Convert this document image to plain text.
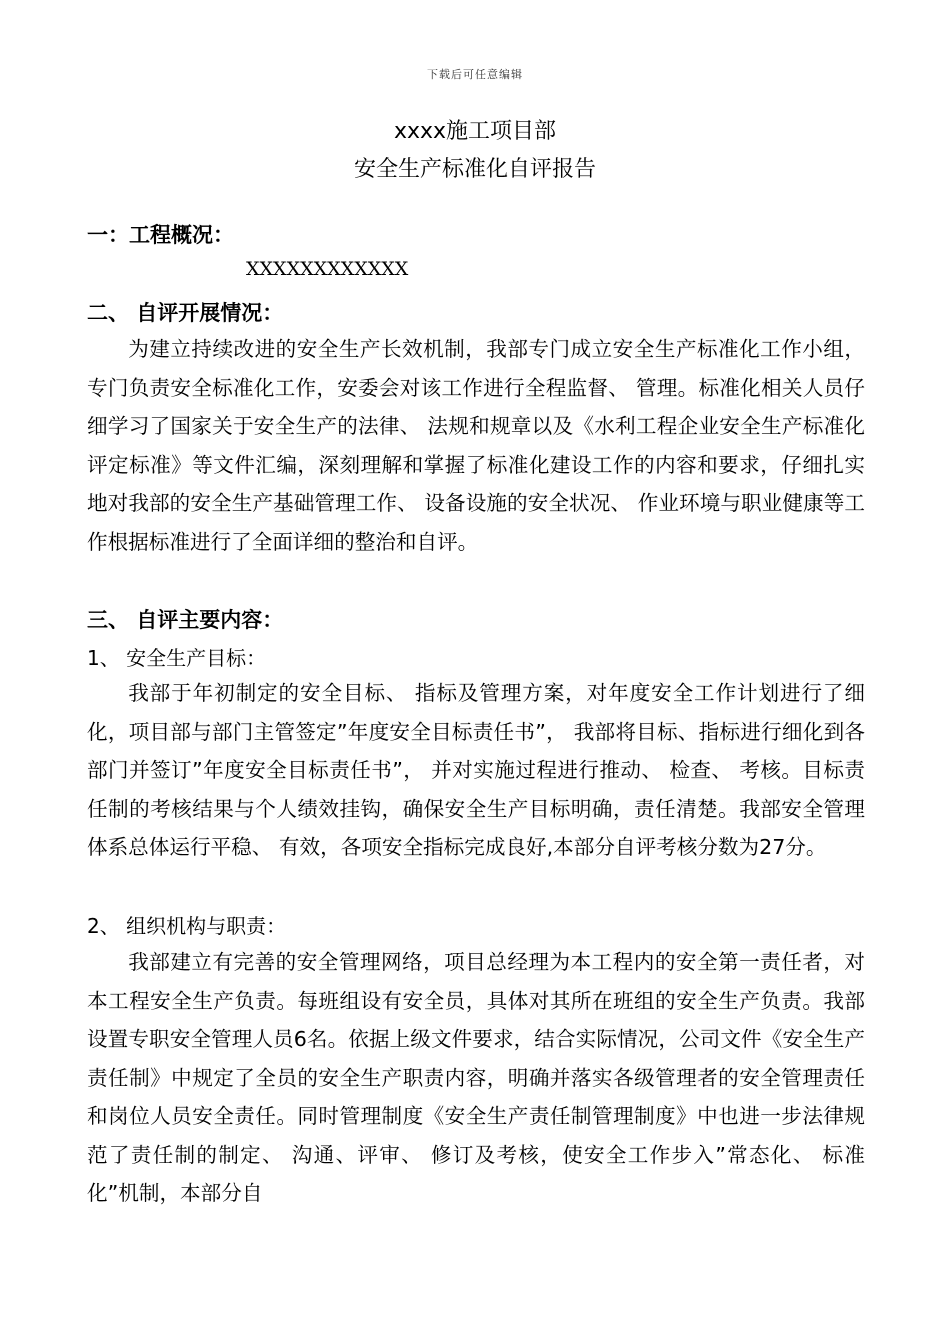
下载后可任意编辑
xxxx施工项目部
安全生产标准化自评报告
一：工程概况：
XXXXXXXXXXXX
二、 自评开展情况：

为建立持续改进的安全生产长效机制，我部专门成立安全生产标准化工作小组，专门负责安全标准化工作，安委会对该工作进行全程监督、 管理。标准化相关人员仔细学习了国家关于安全生产的法律、 法规和规章以及《水利工程企业安全生产标准化评定标准》等文件汇编，深刻理解和掌握了标准化建设工作的内容和要求，仔细扎实地对我部的安全生产基础管理工作、 设备设施的安全状况、 作业环境与职业健康等工作根据标准进行了全面详细的整治和自评。

三、 自评主要内容：
1、 安全生产目标：

我部于年初制定的安全目标、 指标及管理方案，对年度安全工作计划进行了细化，项目部与部门主管签定”年度安全目标责任书”， 我部将目标、指标进行细化到各部门并签订”年度安全目标责任书”， 并对实施过程进行推动、 检查、 考核。目标责任制的考核结果与个人绩效挂钩，确保安全生产目标明确，责任清楚。我部安全管理体系总体运行平稳、 有效，各项安全指标完成良好,本部分自评考核分数为27分。

2、 组织机构与职责：

我部建立有完善的安全管理网络，项目总经理为本工程内的安全第一责任者，对本工程安全生产负责。每班组设有安全员，具体对其所在班组的安全生产负责。我部设置专职安全管理人员6名。依据上级文件要求，结合实际情况，公司文件《安全生产责任制》中规定了全员的安全生产职责内容，明确并落实各级管理者的安全管理责任和岗位人员安全责任。同时管理制度《安全生产责任制管理制度》中也进一步法律规范了责任制的制定、 沟通、评审、 修订及考核，使安全工作步入”常态化、 标准化”机制，本部分自
